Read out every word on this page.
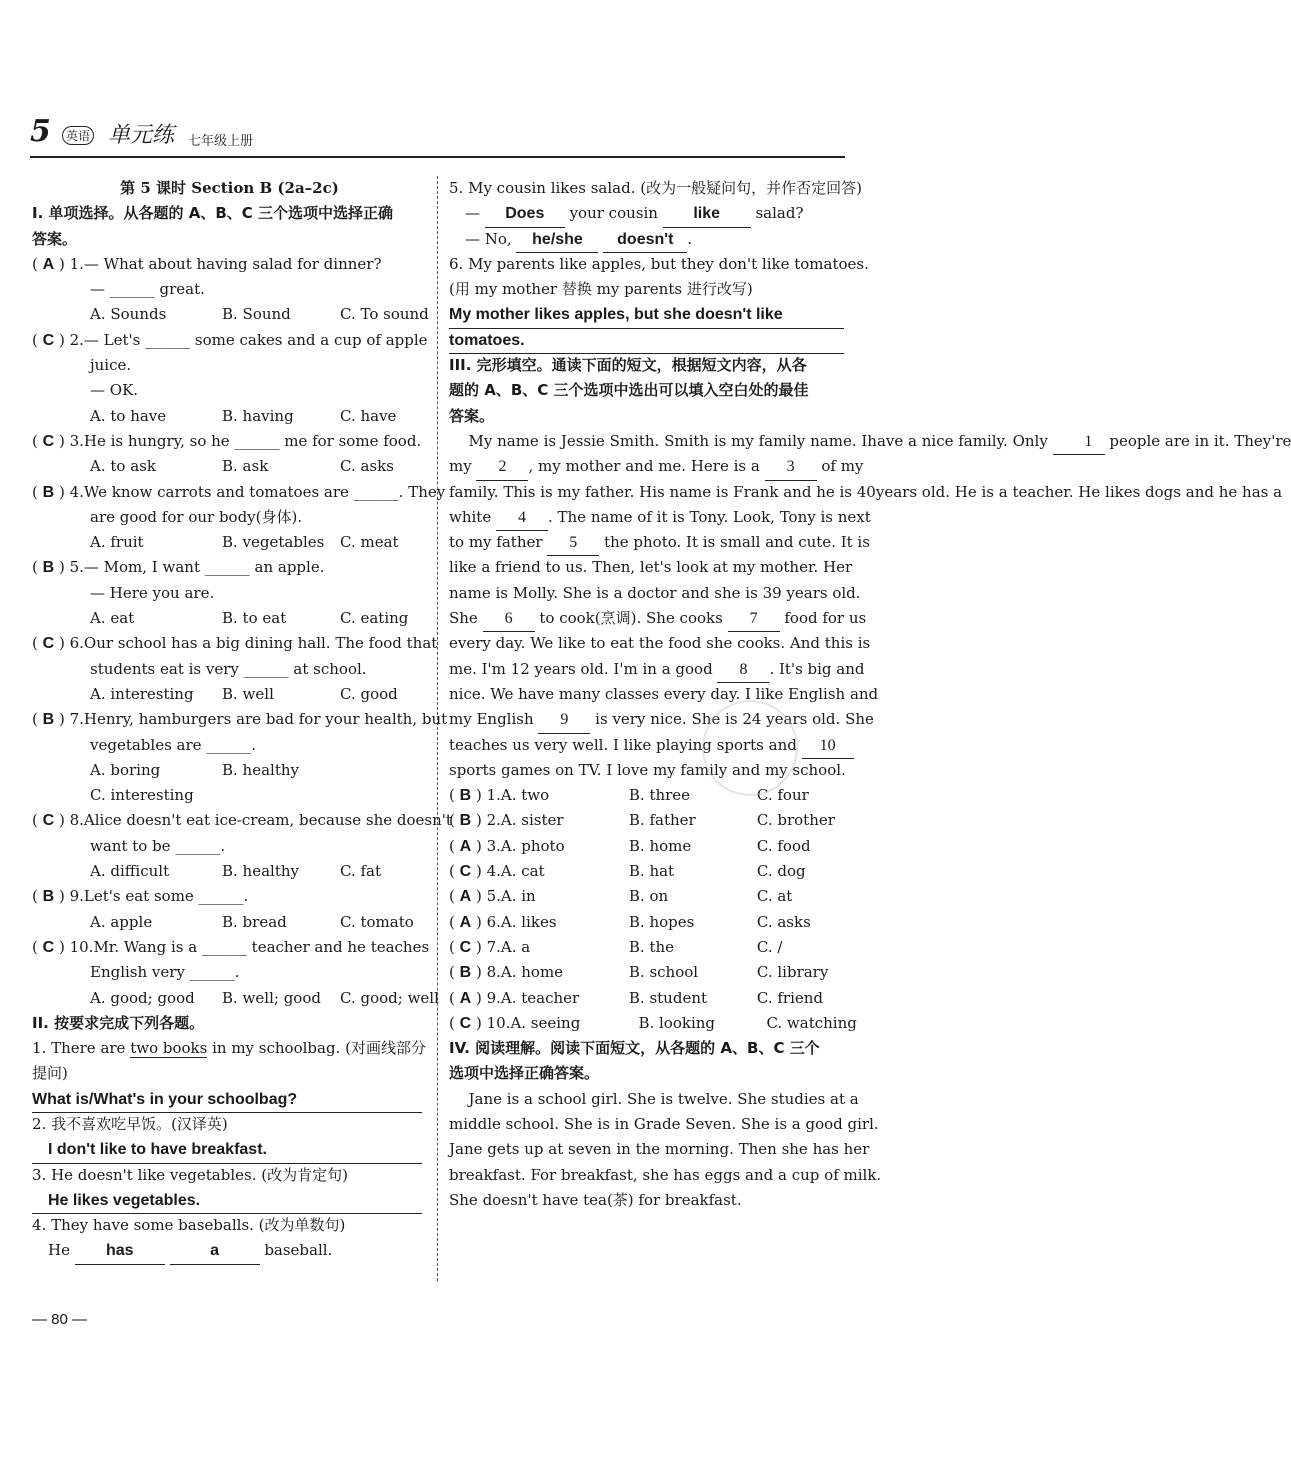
5	英语 单元练 七年级上册
第 5 课时 Section B (2a–2c)
I. 单项选择。从各题的 A、B、C 三个选项中选择正确
答案。
( A ) 1.— What about having salad for dinner?
— ______ great.
A. Sounds	B. Sound	C. To sound
( C ) 2.— Let's ______ some cakes and a cup of apple
juice.
— OK.
A. to have	B. having	C. have
( C ) 3.He is hungry, so he ______ me for some food.
A. to ask	B. ask	C. asks
( B ) 4.We know carrots and tomatoes are ______. They
are good for our body(身体).
A. fruit	B. vegetables C. meat
( B ) 5.— Mom, I want ______ an apple.
— Here you are.
A. eat	B. to eat	C. eating
( C ) 6.Our school has a big dining hall. The food that
students eat is very ______ at school.
A. interesting B. well	C. good
( B ) 7.Henry, hamburgers are bad for your health, but
vegetables are ______.
A. boring	B. healthy
C. interesting
( C ) 8.Alice doesn't eat ice-cream, because she doesn't
want to be ______.
A. difficult	B. healthy	C. fat
( B ) 9.Let's eat some ______.
A. apple	B. bread	C. tomato
( C ) 10.Mr. Wang is a ______ teacher and he teaches
English very ______.
A. good; good B. well; good C. good; well
II. 按要求完成下列各题。
1. There are two books in my schoolbag. (对画线部分
提问)
What is/What's in your schoolbag?
2. 我不喜欢吃早饭。(汉译英)
I don't like to have breakfast.
3. He doesn't like vegetables. (改为肯定句)
He likes vegetables.
4. They have some baseballs. (改为单数句)
He has	a	baseball.
5. My cousin likes salad. (改为一般疑问句，并作否定回答)
— Does your cousin like salad?
— No, he/she doesn't .
6. My parents like apples, but they don't like tomatoes.
(用 my mother 替换 my parents 进行改写)
My mother likes apples, but she doesn't like
tomatoes.
III. 完形填空。通读下面的短文，根据短文内容，从各
题的 A、B、C 三个选项中选出可以填入空白处的最佳
答案。
My name is Jessie Smith. Smith is my family name. Ihave a nice family. Only 1 people are in it. They're
my 2 , my mother and me. Here is a 3 of my
family. This is my father. His name is Frank and he is 40years old. He is a teacher. He likes dogs and he has a
white 4 . The name of it is Tony. Look, Tony is next
to my father 5 the photo. It is small and cute. It is
like a friend to us. Then, let's look at my mother. Her
name is Molly. She is a doctor and she is 39 years old.
She 6 to cook(烹调). She cooks 7 food for us
every day. We like to eat the food she cooks. And this is
me. I'm 12 years old. I'm in a good 8 . It's big and
nice. We have many classes every day. I like English and
my English 9 is very nice. She is 24 years old. She
teaches us very well. I like playing sports and 10
sports games on TV. I love my family and my school.
( B ) 1.A. two	B. three	C. four
( B ) 2.A. sister	B. father	C. brother
( A ) 3.A. photo	B. home	C. food
( C ) 4.A. cat	B. hat	C. dog
( A ) 5.A. in	B. on	C. at
( A ) 6.A. likes	B. hopes	C. asks
( C ) 7.A. a	B. the	C. /
( B ) 8.A. home	B. school	C. library
( A ) 9.A. teacher	B. student	C. friend
( C ) 10.A. seeing	B. looking	C. watching
IV. 阅读理解。阅读下面短文，从各题的 A、B、C 三个
选项中选择正确答案。
Jane is a school girl. She is twelve. She studies at a
middle school. She is in Grade Seven. She is a good girl.
Jane gets up at seven in the morning. Then she has her
breakfast. For breakfast, she has eggs and a cup of milk.
She doesn't have tea(茶) for breakfast.
— 80 —
